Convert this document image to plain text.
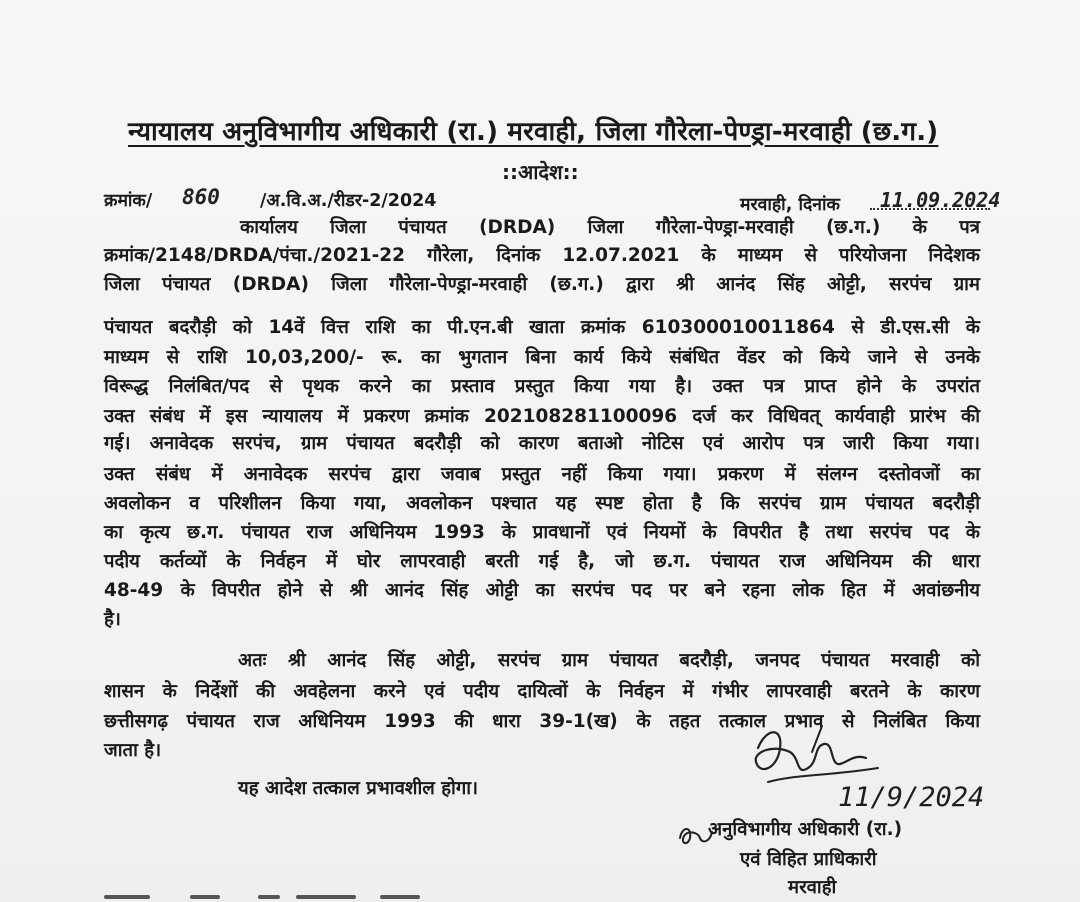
न्यायालय अनुविभागीय अधिकारी (रा.) मरवाही, जिला गौरेला-पेण्ड्रा-मरवाही (छ.ग.)
::आदेश::
क्रमांक/ 860 /अ.वि.अ./रीडर-2/2024	मरवाही, दिनांक 11.09.2024
कार्यालय जिला पंचायत (DRDA) जिला गौरेला-पेण्ड्रा-मरवाही (छ.ग.) के पत्र
क्रमांक/2148/DRDA/पंचा./2021-22 गौरेला, दिनांक 12.07.2021 के माध्यम से परियोजना निदेशक
जिला पंचायत (DRDA) जिला गौरेला-पेण्ड्रा-मरवाही (छ.ग.) द्वारा श्री आनंद सिंह ओट्टी, सरपंच ग्राम
पंचायत बदरौड़ी को 14वें वित्त राशि का पी.एन.बी खाता क्रमांक 610300010011864 से डी.एस.सी के
माध्यम से राशि 10,03,200/- रू. का भुगतान बिना कार्य किये संबंधित वेंडर को किये जाने से उनके
विरूद्ध निलंबित/पद से पृथक करने का प्रस्ताव प्रस्तुत किया गया है। उक्त पत्र प्राप्त होने के उपरांत
उक्त संबंध में इस न्यायालय में प्रकरण क्रमांक 202108281100096 दर्ज कर विधिवत् कार्यवाही प्रारंभ की
गई। अनावेदक सरपंच, ग्राम पंचायत बदरौड़ी को कारण बताओ नोटिस एवं आरोप पत्र जारी किया गया।
उक्त संबंध में अनावेदक सरपंच द्वारा जवाब प्रस्तुत नहीं किया गया। प्रकरण में संलग्न दस्तोवजों का
अवलोकन व परिशीलन किया गया, अवलोकन पश्चात यह स्पष्ट होता है कि सरपंच ग्राम पंचायत बदरौड़ी
का कृत्य छ.ग. पंचायत राज अधिनियम 1993 के प्रावधानों एवं नियमों के विपरीत है तथा सरपंच पद के
पदीय कर्तव्यों के निर्वहन में घोर लापरवाही बरती गई है, जो छ.ग. पंचायत राज अधिनियम की धारा
48-49 के विपरीत होने से श्री आनंद सिंह ओट्टी का सरपंच पद पर बने रहना लोक हित में अवांछनीय
है।
अतः श्री आनंद सिंह ओट्टी, सरपंच ग्राम पंचायत बदरौड़ी, जनपद पंचायत मरवाही को
शासन के निर्देशों की अवहेलना करने एवं पदीय दायित्वों के निर्वहन में गंभीर लापरवाही बरतने के कारण
छत्तीसगढ़ पंचायत राज अधिनियम 1993 की धारा 39-1(ख) के तहत तत्काल प्रभाव से निलंबित किया
जाता है।
यह आदेश तत्काल प्रभावशील होगा।	11/9/2024
अनुविभागीय अधिकारी (रा.)
एवं विहित प्राधिकारी
मरवाही
